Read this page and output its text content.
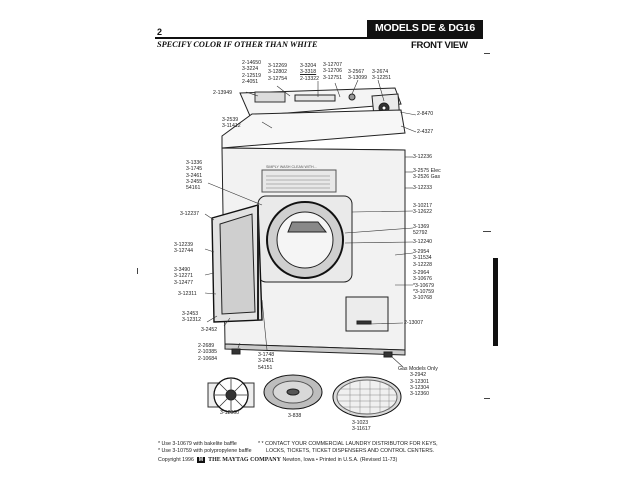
2	MODELS DE & DG16
SPECIFY COLOR IF OTHER THAN WHITE	FRONT VIEW
2-14650
3-3224
2-12519
2-4051
3-12269
3-12802
3-12754
3-3204
3-3318
2-13322
3-12707
3-12706
3-12751
3-2567
3-13099
3-2674
3-12251
2-13949
2-8470
3-2539
3-11412
2-4327
3-12236
3-2575 Elec
3-2526 Gas
3-12233
3-10217
3-12622
3-1369
52792
3-12240
3-2954
3-11534
3-12228
3-2964
3-10676
*3-10679
*3-10759
3-10768
2-13007
Gas Models Only
3-2942
3-12301
3-12304
3-12360
3-1336
3-1745
3-2461
3-2455
54161
3-12237
3-12239
3-12744
3-3490
3-12271
3-12477
3-12311
3-2453
3-12312
3-2452
2-2689
2-10385
2-10684
3-1748
3-2451
54151
3-12060	3-838
3-1023
3-11617
SIMPLY WASH CLEAN WITH...
* Use 3-10679 with bakelite baffle
* Use 3-10759 with polypropylene baffle
* * CONTACT YOUR COMMERCIAL LAUNDRY DISTRIBUTOR FOR KEYS,
LOCKS, TICKETS, TICKET DISPENSERS AND CONTROL CENTERS.
Copyright 1996 M THE MAYTAG COMPANY Newton, Iowa • Printed in U.S.A. (Revised 11-73)
